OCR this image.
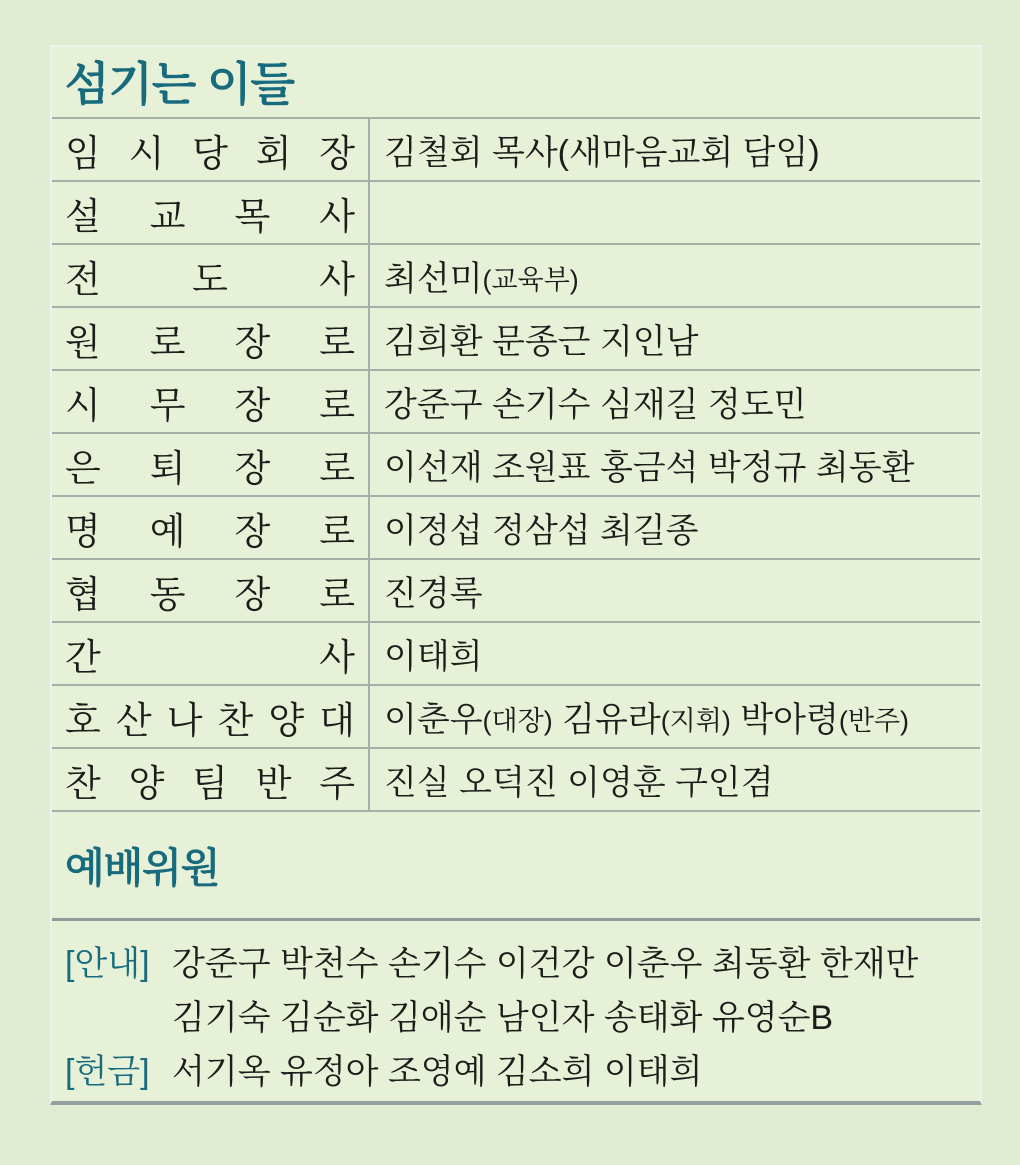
섬기는 이들
임 시 당 회 장 김철회 목사(새마음교회 담임)
설 교 목 사
전 도 사 최선미 (교육부)
원 로 장 로 김희환 문종근 지인남
시 무 장 로 강준구 손기수 심재길 정도민
은 퇴 장 로 이선재 조원표 홍금석 박정규 최동환
명 예 장 로 이정섭 정삼섭 최길종
협 동 장 로 진경록
간	사 이태희
호 산 나 찬 양 대 이춘우 (대장) 김유라 (지휘) 박아령 (반주)
찬 양 팀 반 주 진실 오덕진 이영훈 구인겸
예배위원
[안내] 강준구 박천수 손기수 이건강 이춘우 최동환 한재만
김기숙 김순화 김애순 남인자 송태화 유영순B
[헌금] 서기옥 유정아 조영예 김소희 이태희
